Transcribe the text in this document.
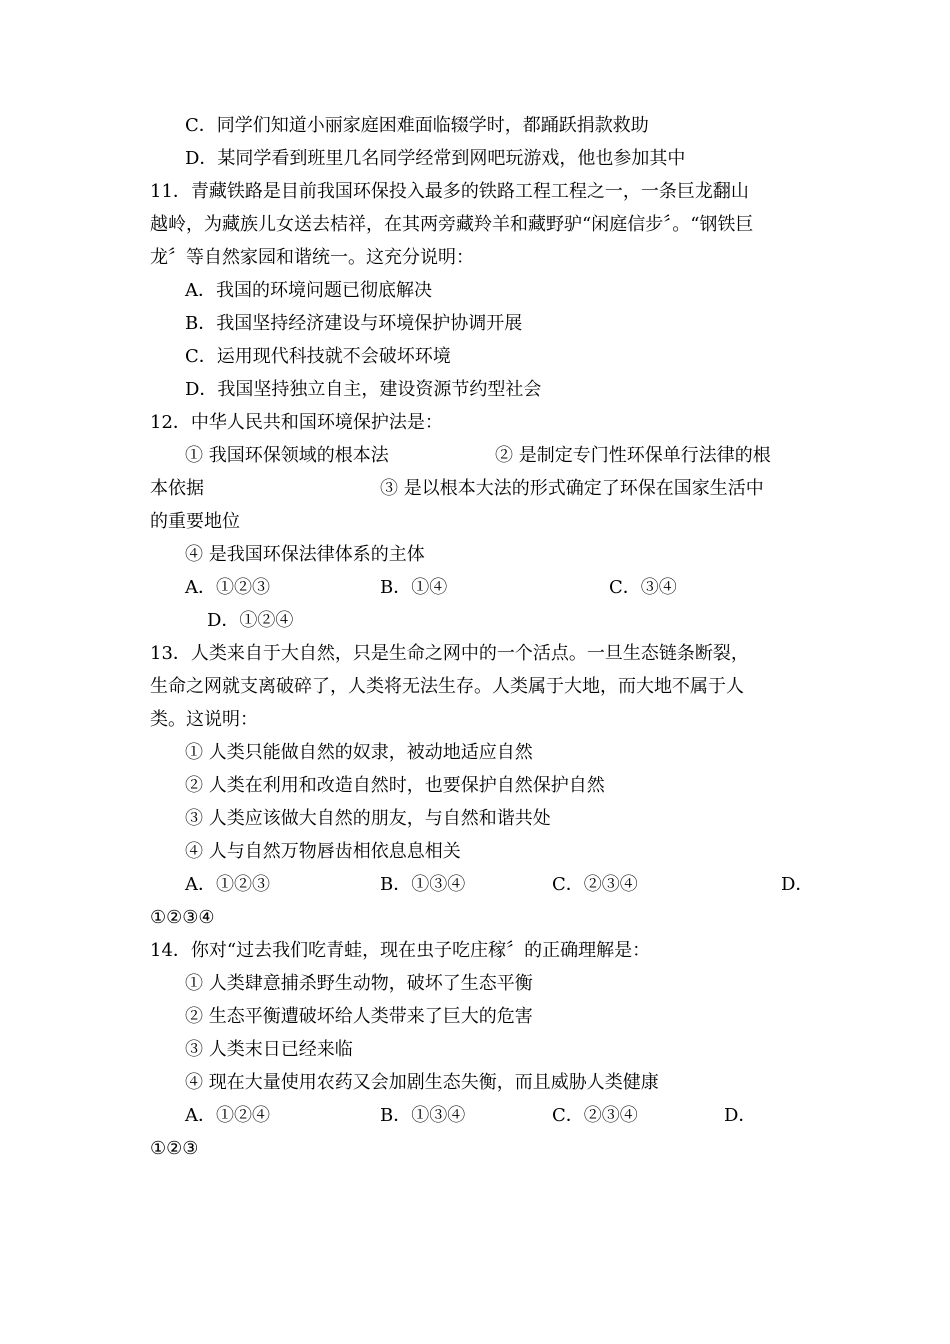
C．同学们知道小丽家庭困难面临辍学时，都踊跃捐款救助
D．某同学看到班里几名同学经常到网吧玩游戏，他也参加其中
11．青藏铁路是目前我国环保投入最多的铁路工程工程之一，一条巨龙翻山
越岭，为藏族儿女送去桔祥，在其两旁藏羚羊和藏野驴“闲庭信步〞。“钢铁巨
龙〞等自然家园和谐统一。这充分说明：
A．我国的环境问题已彻底解决
B．我国坚持经济建设与环境保护协调开展
C．运用现代科技就不会破坏环境
D．我国坚持独立自主，建设资源节约型社会
12．中华人民共和国环境保护法是：
① 我国环保领域的根本法	② 是制定专门性环保单行法律的根
本依据	③ 是以根本大法的形式确定了环保在国家生活中
的重要地位
④ 是我国环保法律体系的主体
A．①②③	B．①④	C．③④
D．①②④
13．人类来自于大自然，只是生命之网中的一个活点。一旦生态链条断裂，
生命之网就支离破碎了，人类将无法生存。人类属于大地，而大地不属于人
类。这说明：
① 人类只能做自然的奴隶，被动地适应自然
② 人类在利用和改造自然时，也要保护自然保护自然
③ 人类应该做大自然的朋友，与自然和谐共处
④ 人与自然万物唇齿相依息息相关
A．①②③	B．①③④	C．②③④	D．
①②③④
14．你对“过去我们吃青蛙，现在虫子吃庄稼〞的正确理解是：
① 人类肆意捕杀野生动物，破坏了生态平衡
② 生态平衡遭破坏给人类带来了巨大的危害
③ 人类末日已经来临
④ 现在大量使用农药又会加剧生态失衡，而且威胁人类健康
A．①②④	B．①③④	C．②③④	D．
①②③
